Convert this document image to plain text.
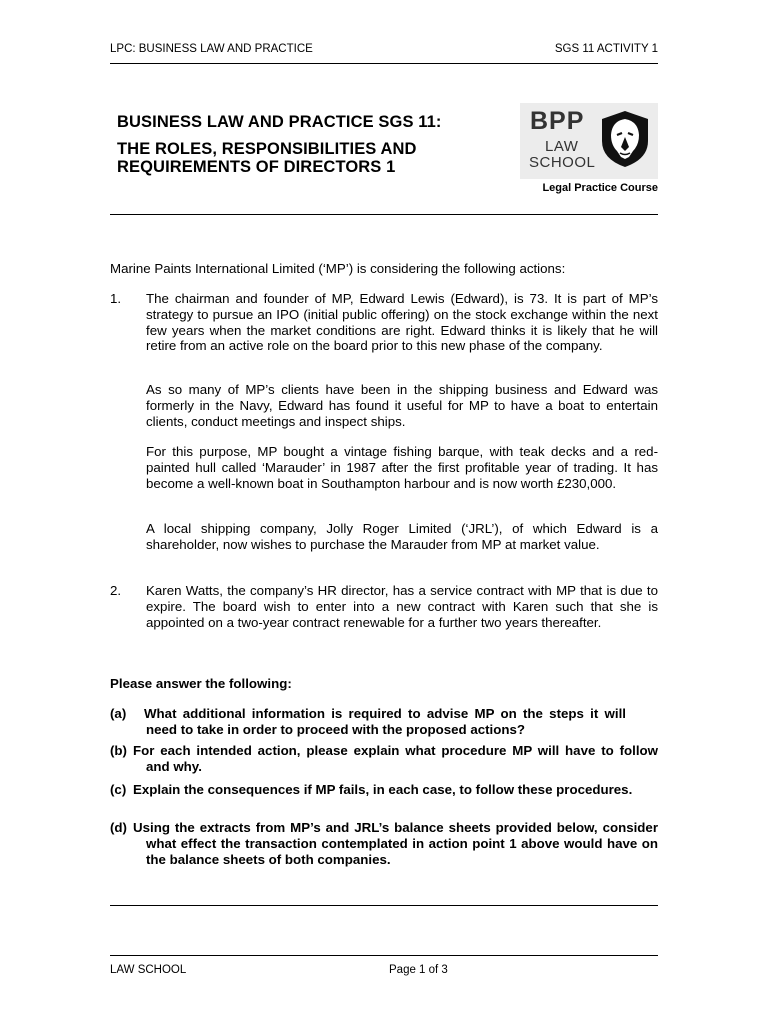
LPC: BUSINESS LAW AND PRACTICE	SGS 11 ACTIVITY 1
BUSINESS LAW AND PRACTICE SGS 11:
THE ROLES, RESPONSIBILITIES AND
REQUIREMENTS OF DIRECTORS 1
BPP
LAW
SCHOOL
Legal Practice Course
Marine Paints International Limited (‘MP’) is considering the following actions:
1. The chairman and founder of MP, Edward Lewis (Edward), is 73. It is part of MP’s strategy to pursue an IPO (initial public offering) on the stock exchange within the next few years when the market conditions are right. Edward thinks it is likely that he will retire from an active role on the board prior to this new phase of the company.
As so many of MP’s clients have been in the shipping business and Edward was formerly in the Navy, Edward has found it useful for MP to have a boat to entertain clients, conduct meetings and inspect ships.
For this purpose, MP bought a vintage fishing barque, with teak decks and a red-painted hull called ‘Marauder’ in 1987 after the first profitable year of trading. It has become a well-known boat in Southampton harbour and is now worth £230,000.
A local shipping company, Jolly Roger Limited (‘JRL’), of which Edward is a shareholder, now wishes to purchase the Marauder from MP at market value.
2. Karen Watts, the company’s HR director, has a service contract with MP that is due to expire. The board wish to enter into a new contract with Karen such that she is appointed on a two-year contract renewable for a further two years thereafter.
Please answer the following:
(a)	What additional information is required to advise MP on the steps it will need to take in order to proceed with the proposed actions?
(b) For each intended action, please explain what procedure MP will have to follow and why.
(c) Explain the consequences if MP fails, in each case, to follow these procedures.
(d) Using the extracts from MP’s and JRL’s balance sheets provided below, consider what effect the transaction contemplated in action point 1 above would have on the balance sheets of both companies.
LAW SCHOOL	Page 1 of 3
